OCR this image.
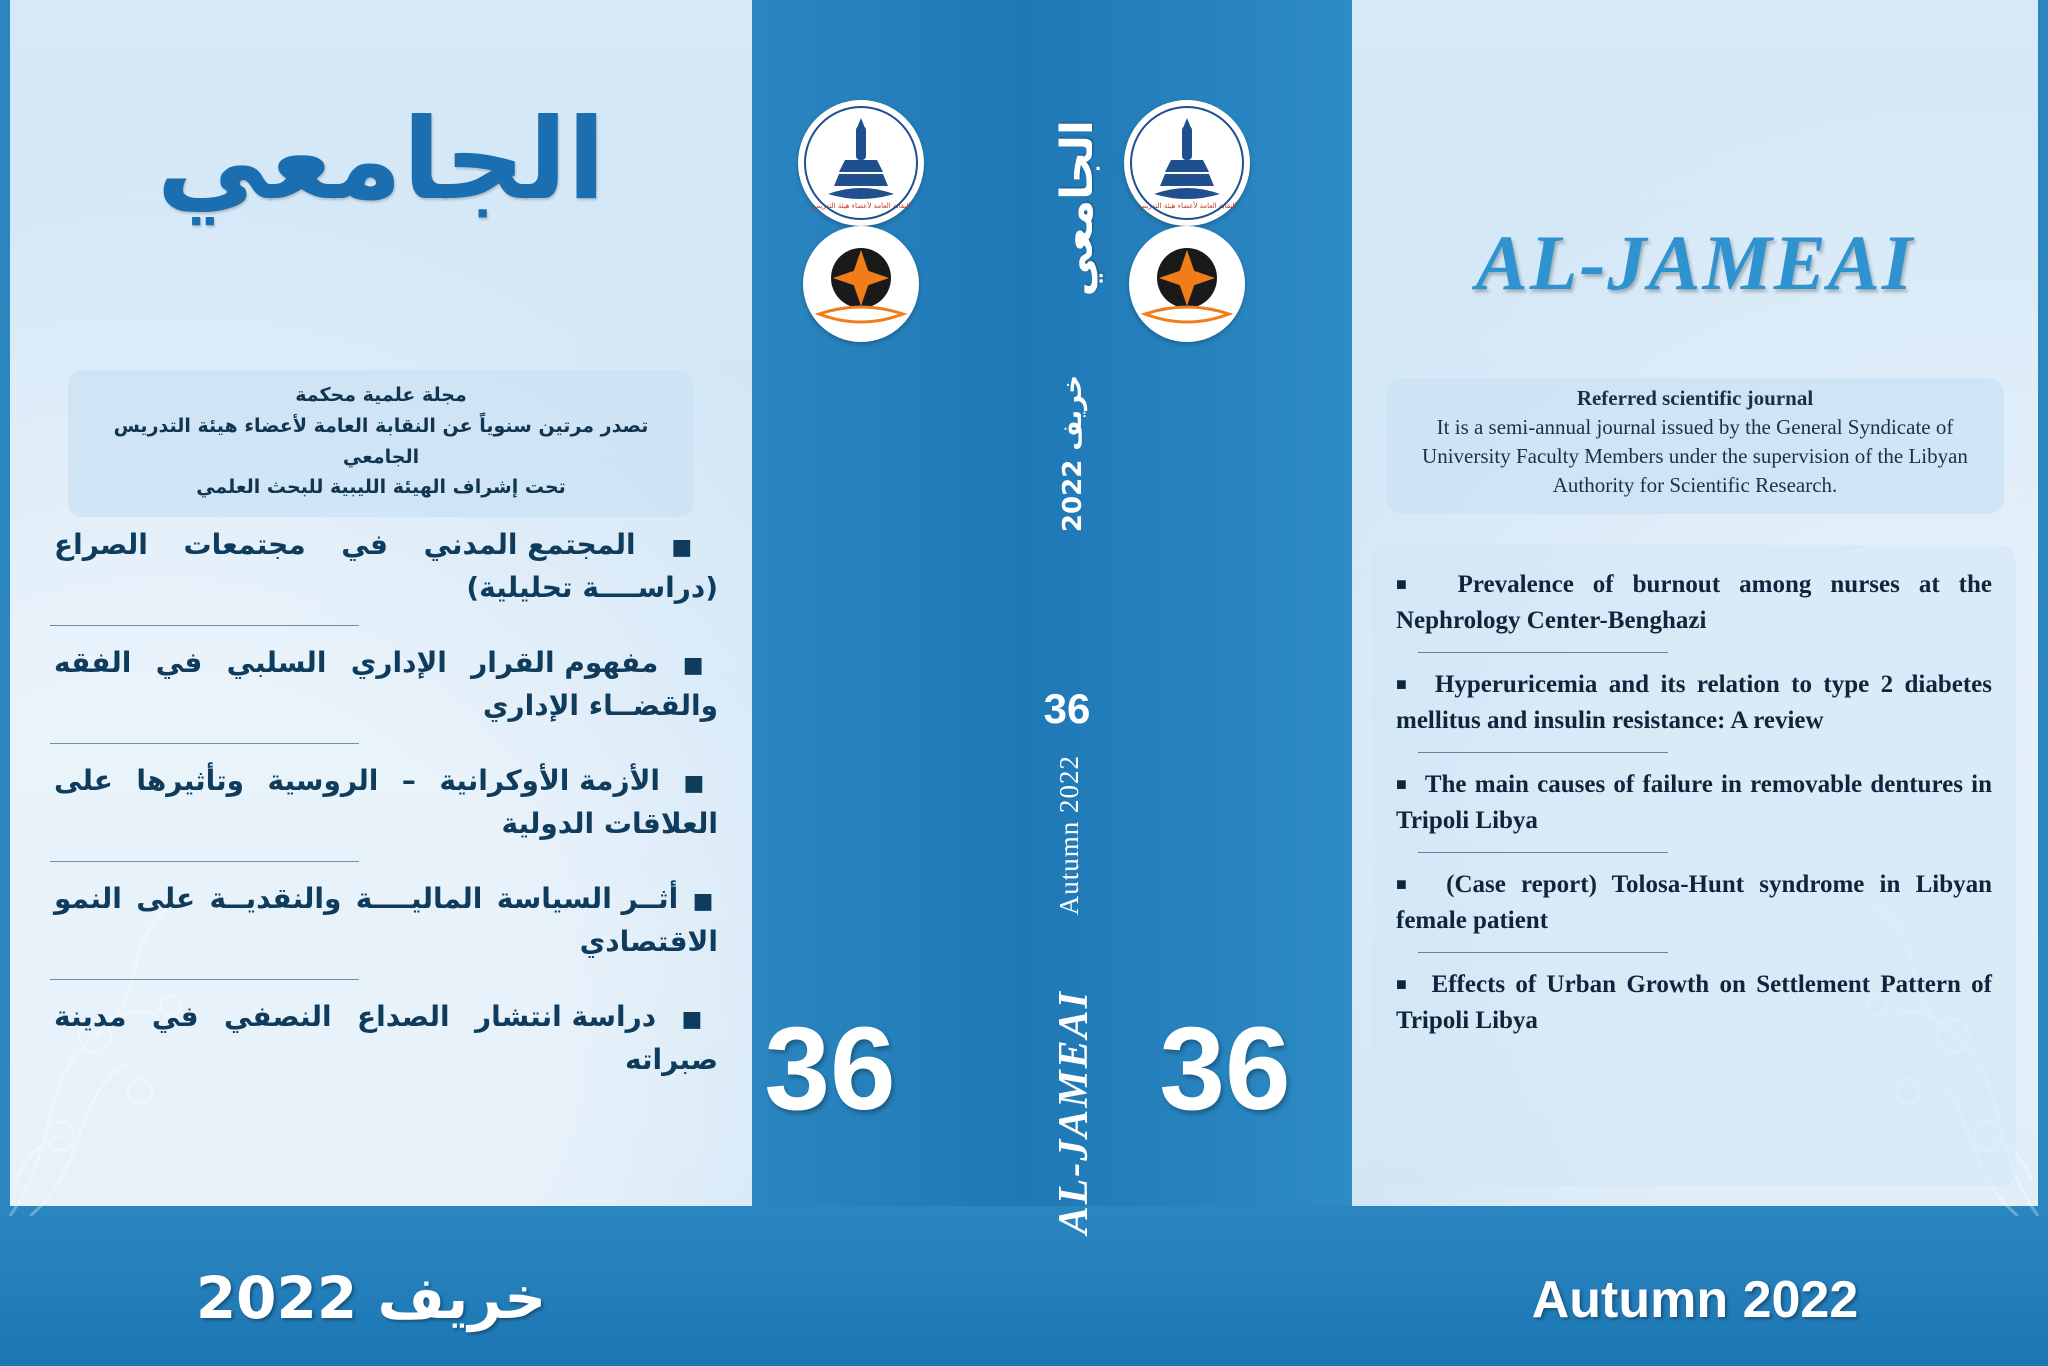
الجامعي
مجلة علمية محكمة
تصدر مرتين سنوياً عن النقابة العامة لأعضاء هيئة التدريس الجامعي
تحت إشراف الهيئة الليبية للبحث العلمي
■ المجتمع المدني في مجتمعات الصراع (دراســــة تحليلية)
■ مفهوم القرار الإداري السلبي في الفقه والقضــاء الإداري
■ الأزمة الأوكرانية – الروسية وتأثيرها على العلاقات الدولية
■ أثــر السياسة الماليــــة والنقديــة على النمو الاقتصادي
■ دراسة انتشار الصداع النصفي في مدينة صبراته
خريف 2022
النقابة العامة لأعضاء هيئة التدريس	النقابة العامة لأعضاء هيئة التدريس
الجامعي
خريف 2022
36
Autumn 2022
AL-JAMEAI
36 36
AL-JAMEAI
Referred scientific journal
It is a semi-annual journal issued by the General Syndicate of University Faculty Members under the supervision of the Libyan Authority for Scientific Research.
■ Prevalence of burnout among nurses at the Nephrology Center-Benghazi
■ Hyperuricemia and its relation to type 2 diabetes mellitus and insulin resistance: A review
■ The main causes of failure in removable dentures in Tripoli Libya
■ (Case report) Tolosa-Hunt syndrome in Libyan female patient
■ Effects of Urban Growth on Settlement Pattern of Tripoli Libya
Autumn 2022
